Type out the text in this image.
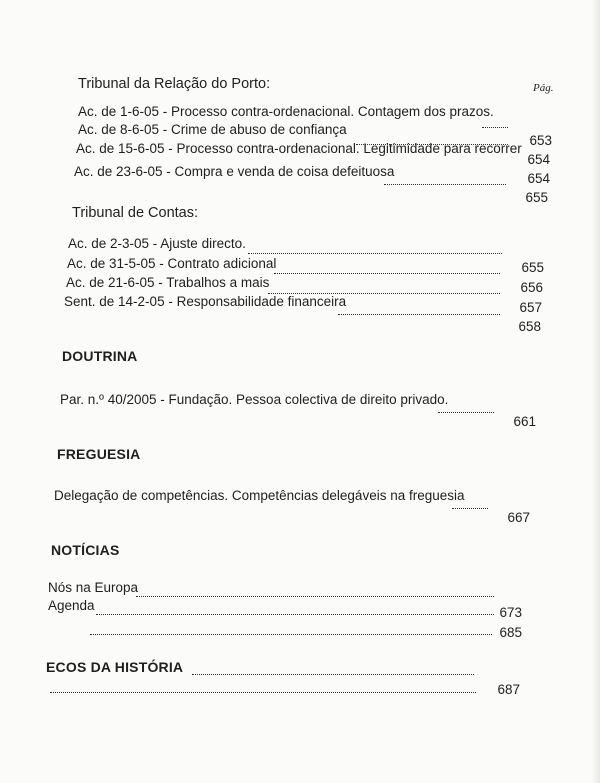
Tribunal da Relação do Porto:	Pág.
Ac. de 1-6-05 - Processo contra-ordenacional. Contagem dos prazos.
Ac. de 8-6-05 - Crime de abuso de confiança
Ac. de 15-6-05 - Processo contra-ordenacional. Legitimidade para recorrer
Ac. de 23-6-05 - Compra e venda de coisa defeituosa
653
654
654
655
Tribunal de Contas:
Ac. de 2-3-05 - Ajuste directo.
Ac. de 31-5-05 - Contrato adicional
Ac. de 21-6-05 - Trabalhos a mais
Sent. de 14-2-05 - Responsabilidade financeira
655
656
657
658
DOUTRINA
Par. n.º 40/2005 - Fundação. Pessoa colectiva de direito privado.
661
FREGUESIA
Delegação de competências. Competências delegáveis na freguesia
667
NOTÍCIAS
Nós na Europa
Agenda	673
685
ECOS DA HISTÓRIA
687
